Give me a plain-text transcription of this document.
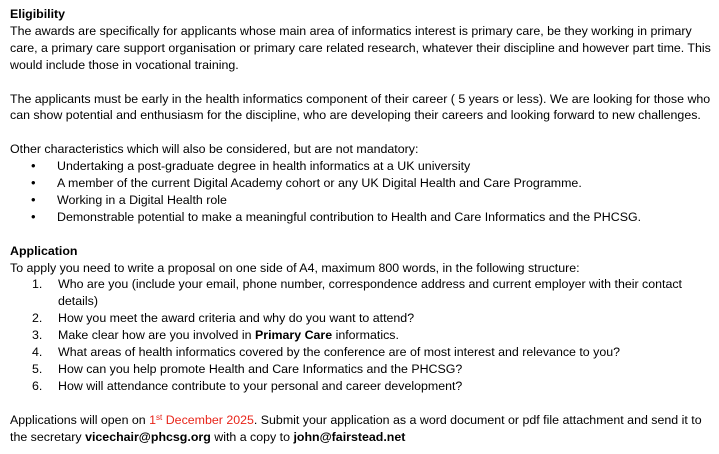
Eligibility

The awards are specifically for applicants whose main area of informatics interest is primary care, be they working in primary care, a primary care support organisation or primary care related research, whatever their discipline and however part time. This would include those in vocational training.

The applicants must be early in the health informatics component of their career ( 5 years or less). We are looking for those who can show potential and enthusiasm for the discipline, who are developing their careers and looking forward to new challenges.

Other characteristics which will also be considered, but are not mandatory:

• Undertaking a post-graduate degree in health informatics at a UK university
• A member of the current Digital Academy cohort or any UK Digital Health and Care Programme.
• Working in a Digital Health role
• Demonstrable potential to make a meaningful contribution to Health and Care Informatics and the PHCSG.

Application

To apply you need to write a proposal on one side of A4, maximum 800 words, in the following structure:

1. Who are you (include your email, phone number, correspondence address and current employer with their contact details)
2. How you meet the award criteria and why do you want to attend?
3. Make clear how are you involved in Primary Care informatics.
4. What areas of health informatics covered by the conference are of most interest and relevance to you?
5. How can you help promote Health and Care Informatics and the PHCSG?
6. How will attendance contribute to your personal and career development?

Applications will open on 1st December 2025. Submit your application as a word document or pdf file attachment and send it to the secretary vicechair@phcsg.org with a copy to john@fairstead.net
